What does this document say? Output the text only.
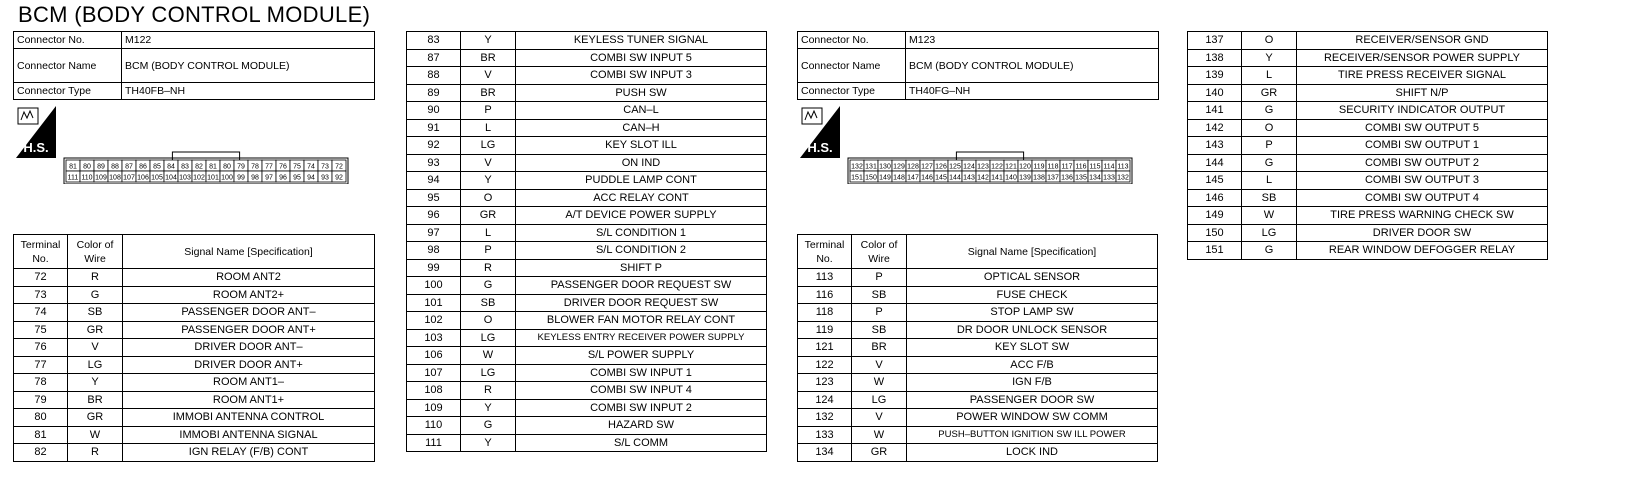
BCM (BODY CONTROL MODULE)
Connector No.	M122
Connector Name	BCM (BODY CONTROL MODULE)
Connector Type	TH40FB–NH
H.S.
81 80 89 88 87 86 85 84 83 82 81 80 79 78 77 76 75 74 73 72
111 110 109 108 107 106 105 104 103 102 101 100 99 98 97 96 95 94 93 92
Terminal No.	Color of Wire	Signal Name [Specification]
72	R	ROOM ANT2
73	G	ROOM ANT2+
74	SB	PASSENGER DOOR ANT–
75	GR	PASSENGER DOOR ANT+
76	V	DRIVER DOOR ANT–
77	LG	DRIVER DOOR ANT+
78	Y	ROOM ANT1–
79	BR	ROOM ANT1+
80	GR	IMMOBI ANTENNA CONTROL
81	W	IMMOBI ANTENNA SIGNAL
82	R	IGN RELAY (F/B) CONT
83	Y	KEYLESS TUNER SIGNAL
87	BR	COMBI SW INPUT 5
88	V	COMBI SW INPUT 3
89	BR	PUSH SW
90	P	CAN–L
91	L	CAN–H
92	LG	KEY SLOT ILL
93	V	ON IND
94	Y	PUDDLE LAMP CONT
95	O	ACC RELAY CONT
96	GR	A/T DEVICE POWER SUPPLY
97	L	S/L CONDITION 1
98	P	S/L CONDITION 2
99	R	SHIFT P
100	G	PASSENGER DOOR REQUEST SW
101	SB	DRIVER DOOR REQUEST SW
102	O	BLOWER FAN MOTOR RELAY CONT
103	LG	KEYLESS ENTRY RECEIVER POWER SUPPLY
106	W	S/L POWER SUPPLY
107	LG	COMBI SW INPUT 1
108	R	COMBI SW INPUT 4
109	Y	COMBI SW INPUT 2
110	G	HAZARD SW
111	Y	S/L COMM
Connector No.	M123
Connector Name	BCM (BODY CONTROL MODULE)
Connector Type	TH40FG–NH
H.S.
132 131 130 129 128 127 126 125 124 123 122 121 120 119 118 117 116 115 114 113
151 150 149 148 147 146 145 144 143 142 141 140 139 138 137 136 135 134 133 132
Terminal No.	Color of Wire	Signal Name [Specification]
113	P	OPTICAL SENSOR
116	SB	FUSE CHECK
118	P	STOP LAMP SW
119	SB	DR DOOR UNLOCK SENSOR
121	BR	KEY SLOT SW
122	V	ACC F/B
123	W	IGN F/B
124	LG	PASSENGER DOOR SW
132	V	POWER WINDOW SW COMM
133	W	PUSH–BUTTON IGNITION SW ILL POWER
134	GR	LOCK IND
137	O	RECEIVER/SENSOR GND
138	Y	RECEIVER/SENSOR POWER SUPPLY
139	L	TIRE PRESS RECEIVER SIGNAL
140	GR	SHIFT N/P
141	G	SECURITY INDICATOR OUTPUT
142	O	COMBI SW OUTPUT 5
143	P	COMBI SW OUTPUT 1
144	G	COMBI SW OUTPUT 2
145	L	COMBI SW OUTPUT 3
146	SB	COMBI SW OUTPUT 4
149	W	TIRE PRESS WARNING CHECK SW
150	LG	DRIVER DOOR SW
151	G	REAR WINDOW DEFOGGER RELAY
